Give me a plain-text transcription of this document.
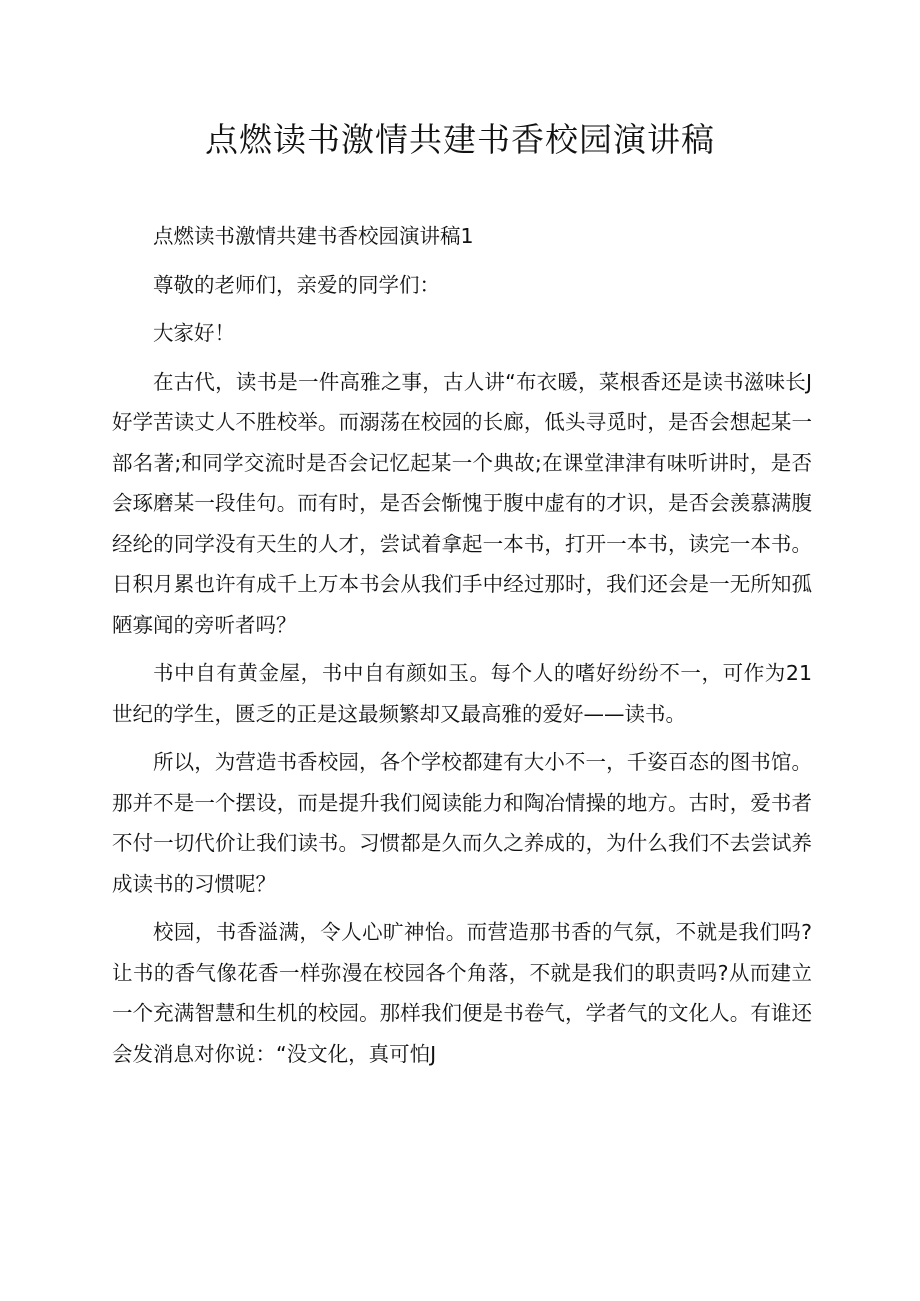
点燃读书激情共建书香校园演讲稿

点燃读书激情共建书香校园演讲稿1

尊敬的老师们，亲爱的同学们：

大家好！

在古代，读书是一件高雅之事，古人讲“布衣暖，菜根香还是读书滋味长J好学苦读丈人不胜校举。而溺荡在校园的长廊，低头寻觅时，是否会想起某一部名著;和同学交流时是否会记忆起某一个典故;在课堂津津有味听讲时，是否会琢磨某一段佳句。而有时，是否会惭愧于腹中虚有的才识，是否会羡慕满腹经纶的同学没有天生的人才，尝试着拿起一本书，打开一本书，读完一本书。日积月累也许有成千上万本书会从我们手中经过那时，我们还会是一无所知孤陋寡闻的旁听者吗？

书中自有黄金屋，书中自有颜如玉。每个人的嗜好纷纷不一，可作为21世纪的学生，匮乏的正是这最频繁却又最高雅的爱好——读书。

所以，为营造书香校园，各个学校都建有大小不一，千姿百态的图书馆。那并不是一个摆设，而是提升我们阅读能力和陶冶情操的地方。古时，爱书者不付一切代价让我们读书。习惯都是久而久之养成的，为什么我们不去尝试养成读书的习惯呢？

校园，书香溢满，令人心旷神怡。而营造那书香的气氛，不就是我们吗?让书的香气像花香一样弥漫在校园各个角落，不就是我们的职责吗?从而建立一个充满智慧和生机的校园。那样我们便是书卷气，学者气的文化人。有谁还会发消息对你说：“没文化，真可怕J
